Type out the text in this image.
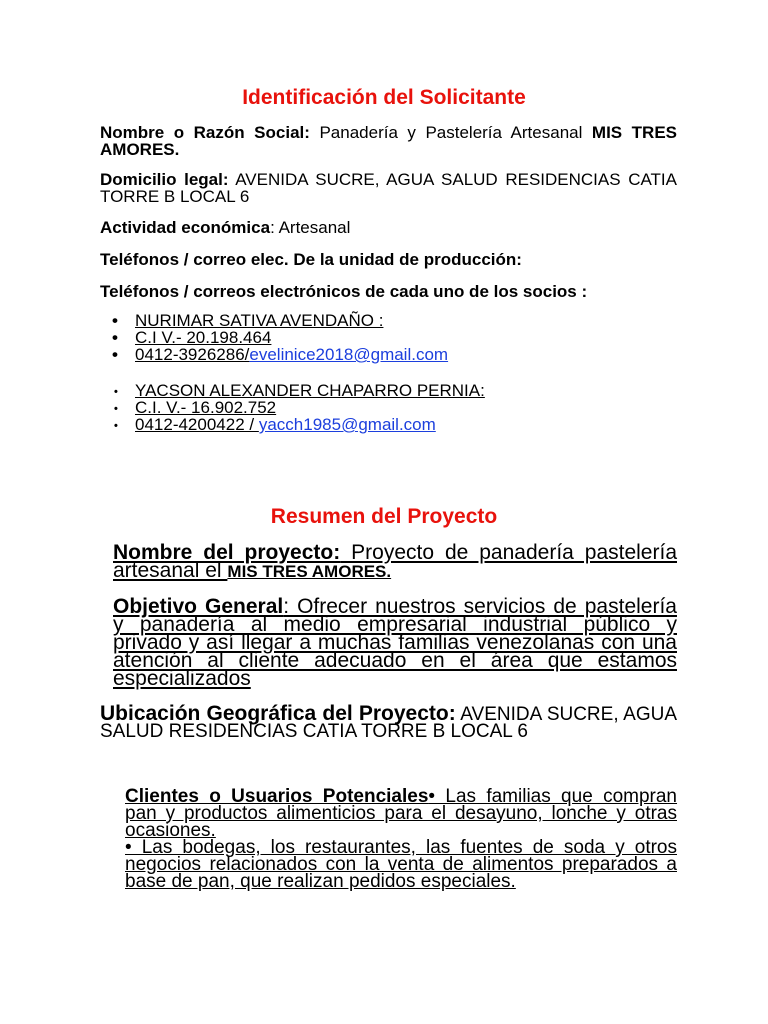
Identificación del Solicitante

Nombre o Razón Social: Panadería y Pastelería Artesanal MIS TRES AMORES.

Domicilio legal: AVENIDA SUCRE, AGUA SALUD RESIDENCIAS CATIA TORRE B LOCAL 6

Actividad económica: Artesanal

Teléfonos / correo elec. De la unidad de producción:

Teléfonos / correos electrónicos de cada uno de los socios :

• NURIMAR SATIVA AVENDAÑO :
• C.I V.- 20.198.464
• 0412-3926286/evelinice2018@gmail.com
• YACSON ALEXANDER CHAPARRO PERNIA:
• C.I. V.- 16.902.752
• 0412-4200422 / yacch1985@gmail.com
Resumen del Proyecto

Nombre del proyecto: Proyecto de panadería pastelería artesanal el MIS TRES AMORES.

Objetivo General: Ofrecer nuestros servicios de pastelería y panadería al medio empresarial industrial público y privado y así llegar a muchas familias venezolanas con una atención al cliente adecuado en el área que estamos especializados

Ubicación Geográfica del Proyecto: AVENIDA SUCRE, AGUA SALUD RESIDENCIAS CATIA TORRE B LOCAL 6

Clientes o Usuarios Potenciales• Las familias que compran pan y productos alimenticios para el desayuno, lonche y otras ocasiones.
• Las bodegas, los restaurantes, las fuentes de soda y otros negocios relacionados con la venta de alimentos preparados a base de pan, que realizan pedidos especiales.
